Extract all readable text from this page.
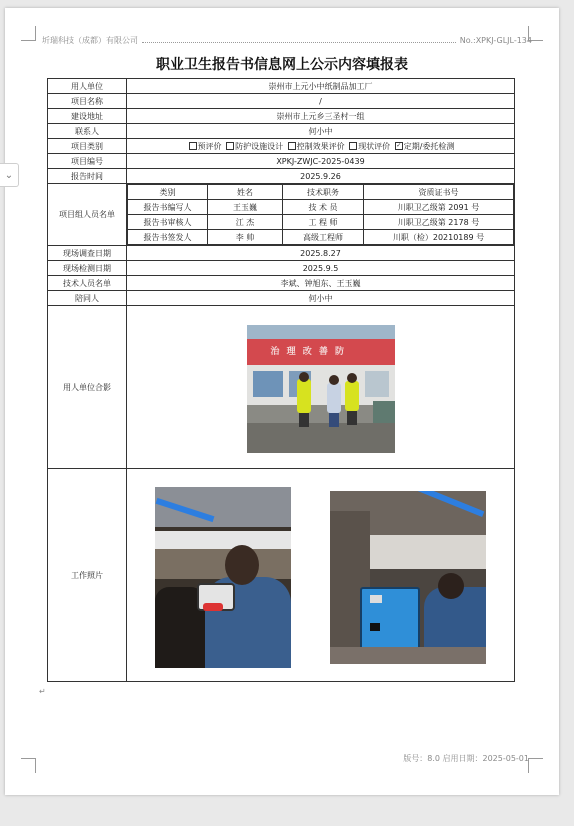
圻瑞科技（成都）有限公司	No.:XPKJ-GLJL-134
职业卫生报告书信息网上公示内容填报表
用人单位	崇州市上元小中纸制品加工厂
项目名称	/
建设地址	崇州市上元乡三圣村一组
联系人	何小中
项目类别	预评价 防护设施设计 控制效果评价 现状评价 ✓ 定期/委托检测
项目编号	XPKJ-ZWJC-2025-0439
报告时间	2025.9.26
项目组人员名单	
类别	姓名	技术职务	资质证书号
报告书编写人	王玉巍	技 术 员	川职卫乙级第 2091 号
报告书审核人	江 杰	工 程 师	川职卫乙级第 2178 号
报告书签发人	李 帅	高级工程师	川职（检）20210189 号

现场调查日期	2025.8.27
现场检测日期	2025.9.5
技术人员名单	李斌、钟旭东、王玉巍
陪同人	何小中
用人单位合影	
治 理 改 善 防

工作照片	
↵
版号：8.0 启用日期：2025-05-01
⌄
